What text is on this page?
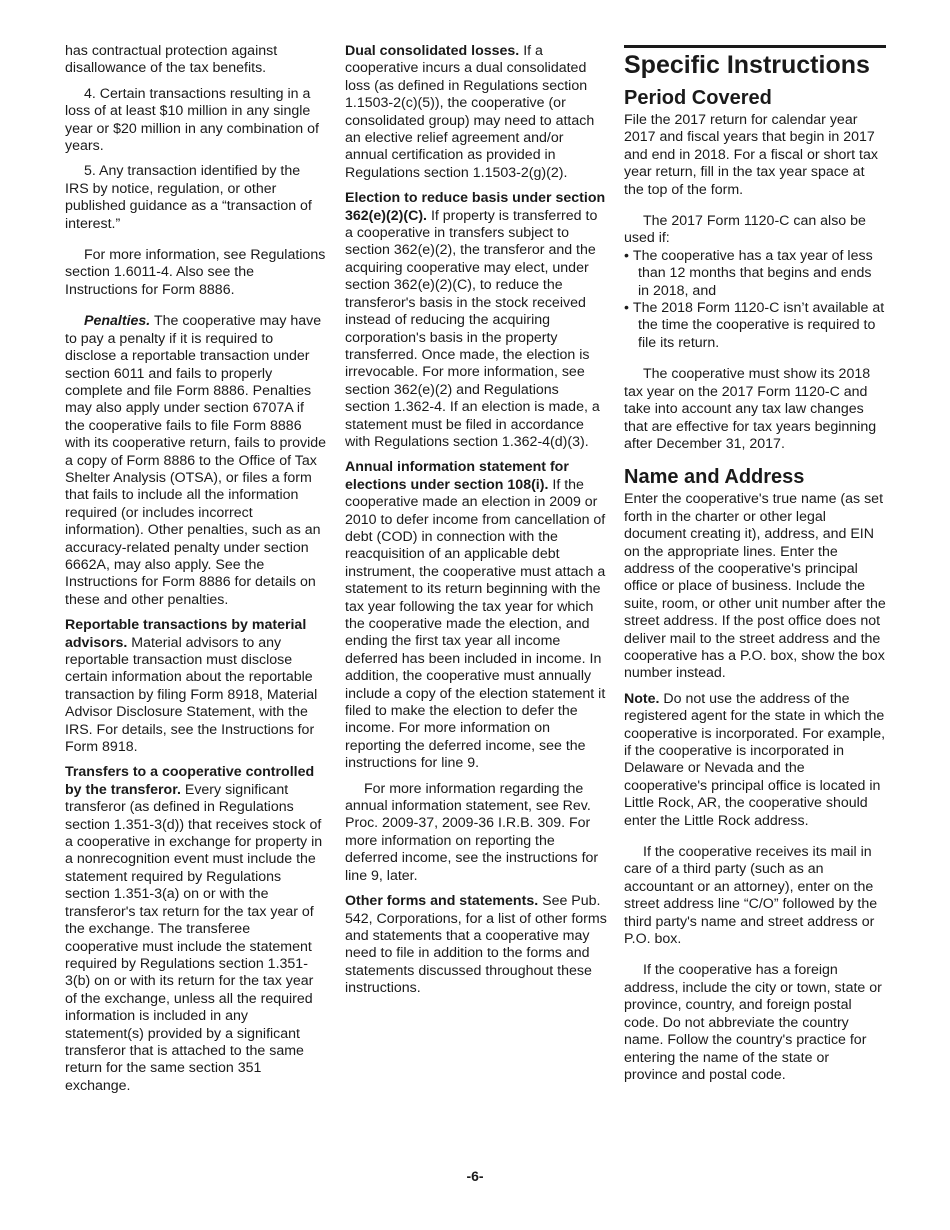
has contractual protection against disallowance of the tax benefits.

4. Certain transactions resulting in a loss of at least $10 million in any single year or $20 million in any combination of years.

5. Any transaction identified by the IRS by notice, regulation, or other published guidance as a “transaction of interest.”

For more information, see Regulations section 1.6011-4. Also see the Instructions for Form 8886.

Penalties. The cooperative may have to pay a penalty if it is required to disclose a reportable transaction under section 6011 and fails to properly complete and file Form 8886. Penalties may also apply under section 6707A if the cooperative fails to file Form 8886 with its cooperative return, fails to provide a copy of Form 8886 to the Office of Tax Shelter Analysis (OTSA), or files a form that fails to include all the information required (or includes incorrect information). Other penalties, such as an accuracy-related penalty under section 6662A, may also apply. See the Instructions for Form 8886 for details on these and other penalties.

Reportable transactions by material advisors. Material advisors to any reportable transaction must disclose certain information about the reportable transaction by filing Form 8918, Material Advisor Disclosure Statement, with the IRS. For details, see the Instructions for Form 8918.

Transfers to a cooperative controlled by the transferor. Every significant transferor (as defined in Regulations section 1.351-3(d)) that receives stock of a cooperative in exchange for property in a nonrecognition event must include the statement required by Regulations section 1.351-3(a) on or with the transferor's tax return for the tax year of the exchange. The transferee cooperative must include the statement required by Regulations section 1.351-3(b) on or with its return for the tax year of the exchange, unless all the required information is included in any statement(s) provided by a significant transferor that is attached to the same return for the same section 351 exchange.

Dual consolidated losses. If a cooperative incurs a dual consolidated loss (as defined in Regulations section 1.1503-2(c)(5)), the cooperative (or consolidated group) may need to attach an elective relief agreement and/or annual certification as provided in Regulations section 1.1503-2(g)(2).

Election to reduce basis under section 362(e)(2)(C). If property is transferred to a cooperative in transfers subject to section 362(e)(2), the transferor and the acquiring cooperative may elect, under section 362(e)(2)(C), to reduce the transferor's basis in the stock received instead of reducing the acquiring corporation's basis in the property transferred. Once made, the election is irrevocable. For more information, see section 362(e)(2) and Regulations section 1.362-4. If an election is made, a statement must be filed in accordance with Regulations section 1.362-4(d)(3).

Annual information statement for elections under section 108(i). If the cooperative made an election in 2009 or 2010 to defer income from cancellation of debt (COD) in connection with the reacquisition of an applicable debt instrument, the cooperative must attach a statement to its return beginning with the tax year following the tax year for which the cooperative made the election, and ending the first tax year all income deferred has been included in income. In addition, the cooperative must annually include a copy of the election statement it filed to make the election to defer the income. For more information on reporting the deferred income, see the instructions for line 9.

For more information regarding the annual information statement, see Rev. Proc. 2009-37, 2009-36 I.R.B. 309. For more information on reporting the deferred income, see the instructions for line 9, later.

Other forms and statements. See Pub. 542, Corporations, for a list of other forms and statements that a cooperative may need to file in addition to the forms and statements discussed throughout these instructions.

Specific Instructions
Period Covered

File the 2017 return for calendar year 2017 and fiscal years that begin in 2017 and end in 2018. For a fiscal or short tax year return, fill in the tax year space at the top of the form.

The 2017 Form 1120-C can also be used if:

• The cooperative has a tax year of less than 12 months that begins and ends in 2018, and

• The 2018 Form 1120-C isn’t available at the time the cooperative is required to file its return.

The cooperative must show its 2018 tax year on the 2017 Form 1120-C and take into account any tax law changes that are effective for tax years beginning after December 31, 2017.

Name and Address

Enter the cooperative's true name (as set forth in the charter or other legal document creating it), address, and EIN on the appropriate lines. Enter the address of the cooperative's principal office or place of business. Include the suite, room, or other unit number after the street address. If the post office does not deliver mail to the street address and the cooperative has a P.O. box, show the box number instead.

Note. Do not use the address of the registered agent for the state in which the cooperative is incorporated. For example, if the cooperative is incorporated in Delaware or Nevada and the cooperative's principal office is located in Little Rock, AR, the cooperative should enter the Little Rock address.

If the cooperative receives its mail in care of a third party (such as an accountant or an attorney), enter on the street address line “C/O” followed by the third party's name and street address or P.O. box.

If the cooperative has a foreign address, include the city or town, state or province, country, and foreign postal code. Do not abbreviate the country name. Follow the country's practice for entering the name of the state or province and postal code.

-6-
